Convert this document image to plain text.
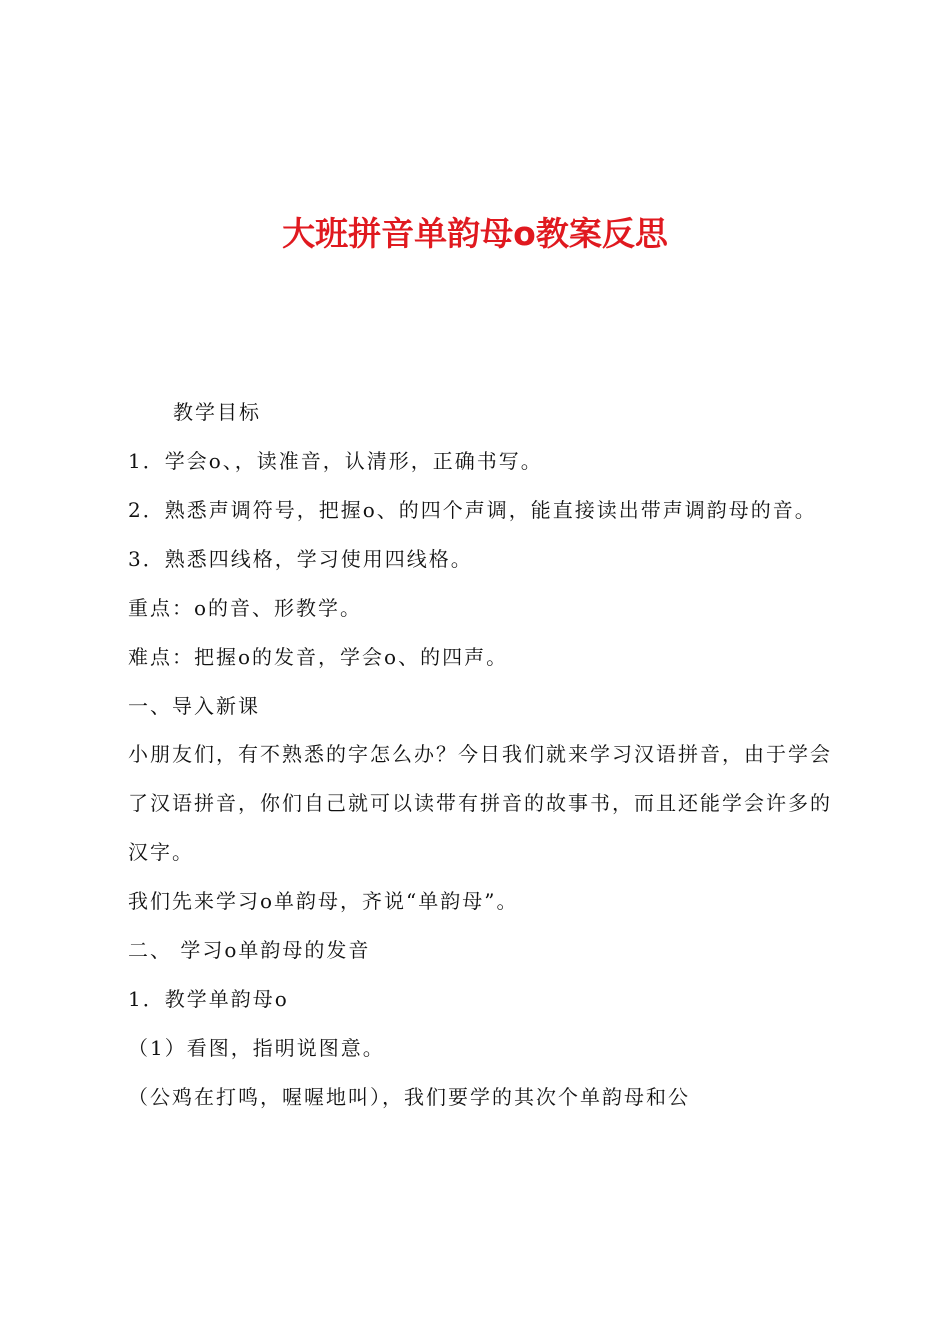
大班拼音单韵母o教案反思

教学目标

1．学会o、，读准音，认清形，正确书写。

2．熟悉声调符号，把握o、的四个声调，能直接读出带声调韵母的音。

3．熟悉四线格，学习使用四线格。

重点：o的音、形教学。

难点：把握o的发音，学会o、的四声。

一、导入新课

小朋友们，有不熟悉的字怎么办？今日我们就来学习汉语拼音，由于学会了汉语拼音，你们自己就可以读带有拼音的故事书，而且还能学会许多的汉字。

我们先来学习o单韵母，齐说“单韵母”。

二、 学习o单韵母的发音

1．教学单韵母o

（1）看图，指明说图意。

（公鸡在打鸣，喔喔地叫），我们要学的其次个单韵母和公
